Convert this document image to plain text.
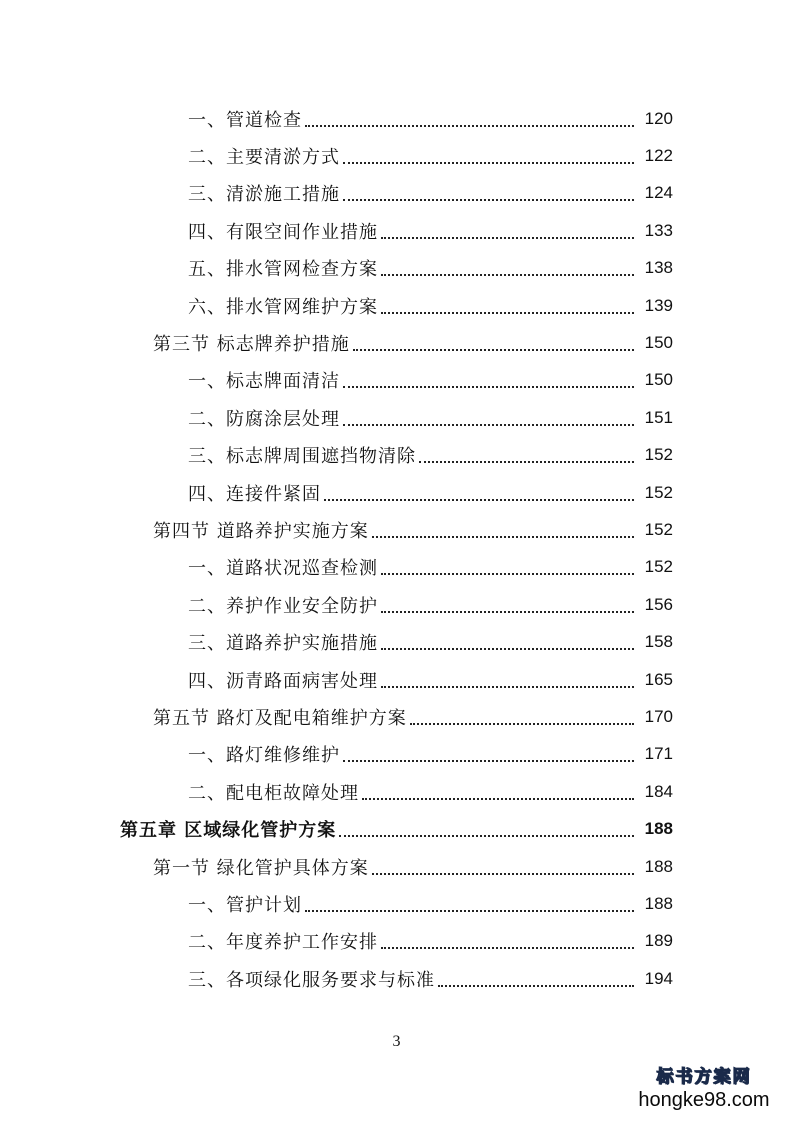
一、管道检查	120
二、主要清淤方式	122
三、清淤施工措施	124
四、有限空间作业措施	133
五、排水管网检查方案	138
六、排水管网维护方案	139
第三节 标志牌养护措施	150
一、标志牌面清洁	150
二、防腐涂层处理	151
三、标志牌周围遮挡物清除	152
四、连接件紧固	152
第四节 道路养护实施方案	152
一、道路状况巡查检测	152
二、养护作业安全防护	156
三、道路养护实施措施	158
四、沥青路面病害处理	165
第五节 路灯及配电箱维护方案	170
一、路灯维修维护	171
二、配电柜故障处理	184
第五章 区域绿化管护方案	188
第一节 绿化管护具体方案	188
一、管护计划	188
二、年度养护工作安排	189
三、各项绿化服务要求与标准	194
3
标书方案网
hongke98.com
